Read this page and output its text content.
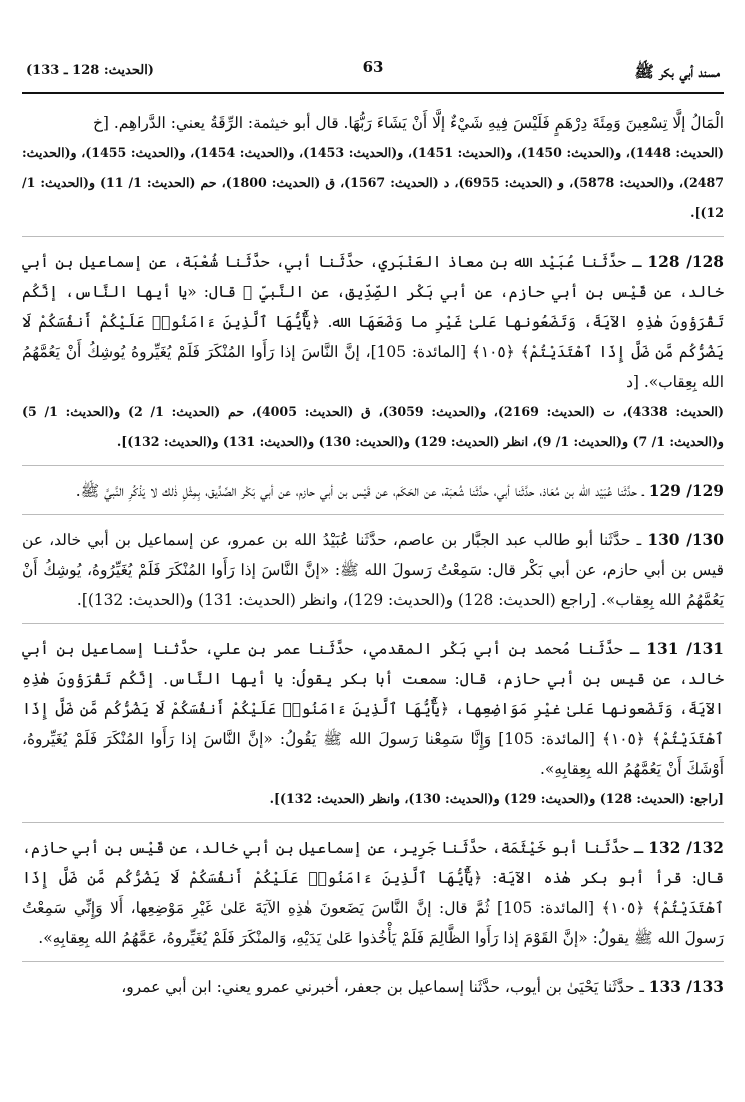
مسند أبي بكر ﷺ
63
(الحديث: 128 ـ 133)

الْمَالُ إلَّا تِسْعِينَ وَمِئَةَ دِرْهَمٍ فَلَيْسَ فِيهِ شَيْءٌ إلَّا أَنْ يَشَاءَ رَبُّهَا. قال أبو خيثمة: الرِّقَةُ يعني: الدَّراهِم. [خ

(الحديث: 1448)، و(الحديث: 1450)، و(الحديث: 1451)، و(الحديث: 1453)، و(الحديث: 1454)، و(الحديث: 1455)، و(الحديث: 2487)، و(الحديث: 5878)، و (الحديث: 6955)، د (الحديث: 1567)، ق (الحديث: 1800)، حم (الحديث: 1/ 11) و(الحديث: 1/ 12)].

128/ 128 ـ حدَّثَنا عُبَيْد الله بن معاذ العَنْبَري، حدَّثَنا أبي، حدَّثَنا شُعْبَة، عن إسماعيل بن أبي خالد، عن قَيْس بن أبي حازم، عن أبي بَكْر الصِّدِّيق، عن النَّبيِّ ﷺ قال: «يا أيها النَّاس، إنَّكُم تَقْرَؤونَ هٰذِهِ الآيَةَ، وَتَضَعُونها عَلىٰ غَيْرِ ما وَضَعَهَا الله. ﴿يَٰٓأَيُّهَا ٱلَّذِينَ ءَامَنُوا۟ عَلَيْكُمْ أَنفُسَكُمْ لَا يَضُرُّكُم مَّن ضَلَّ إِذَا ٱهْتَدَيْتُمْ﴾ ﴿١٠٥﴾ [المائدة: 105]، إنَّ النَّاسَ إذا رَأَوا المُنْكَرَ فَلَمْ يُغَيِّروهُ يُوشِكُ أَنْ يَعُمَّهُمُ الله بِعِقاب». [د

(الحديث: 4338)، ت (الحديث: 2169)، و(الحديث: 3059)، ق (الحديث: 4005)، حم (الحديث: 1/ 2) و(الحديث: 1/ 5) و(الحديث: 1/ 7) و(الحديث: 1/ 9)، انظر (الحديث: 129) و(الحديث: 130) و(الحديث: 131) و(الحديث: 132)].

129/ 129 ـ حدَّثَنا عُبَيْد الله بن مُعَاذ، حدَّثَنا أبي، حدَّثَنا شُعبَة، عن الحَكَم، عن قَيْس بن أبي حازم، عن أبي بَكْر الصِّدِّيق، بِمِثْلِ ذٰلك لا يَذْكُرِ النَّبيَّ ﷺ.

130/ 130 ـ حدَّثَنا أبو طالب عبد الجبَّار بن عاصم، حدَّثَنا عُبَيْدُ الله بن عمرو، عن إسماعيل بن أبي خالد، عن قيس بن أبي حازم، عن أبي بَكْر قال: سَمِعْتُ رَسولَ الله ﷺ: «إنَّ النَّاسَ إذا رَأَوا المُنْكَرَ فَلَمْ يُغَيِّرُوهُ، يُوشِكُ أَنْ يَعُمَّهُمُ الله بِعِقاب». [راجع (الحديث: 128) و(الحديث: 129)، وانظر (الحديث: 131) و(الحديث: 132)].

131/ 131 ـ حدَّثَنا مُحمد بن أبي بَكْر المقدمي، حدَّثَنا عمر بن علي، حدَّثنا إسماعيل بن أبي خالد، عن قيس بن أبي حازم، قال: سمعت أبا بكر يقولُ: يا أيها النَّاس. إنَّكُم تَقْرَؤونَ هٰذِهِ الآيَةَ، وَتَضَعونها عَلىٰ غيْرِ مَوَاضِعِها، ﴿يَٰٓأَيُّهَا ٱلَّذِينَ ءَامَنُوا۟ عَلَيْكُمْ أَنفُسَكُمْ لَا يَضُرُّكُم مَّن ضَلَّ إِذَا ٱهْتَدَيْتُمْ﴾ ﴿١٠٥﴾ [المائدة: 105] وَإِنَّا سَمِعْنا رَسولَ الله ﷺ يَقُولُ: «إنَّ النَّاسَ إذا رَأَوا المُنْكَرَ فَلَمْ يُغَيِّروهُ، أَوْشَكَ أَنْ يَعُمَّهُمُ الله بِعِقابِهِ».

[راجع: (الحديث: 128) و(الحديث: 129) و(الحديث: 130)، وانظر (الحديث: 132)].

132/ 132 ـ حدَّثَنا أبو خَيْثَمَة، حدَّثَنا جَرِير، عن إسماعيل بن أبي خالد، عن قَيْس بن أبي حازم، قال: قرأ أبو بكر هٰذه الآيَة: ﴿يَٰٓأَيُّهَا ٱلَّذِينَ ءَامَنُوا۟ عَلَيْكُمْ أَنفُسَكُمْ لَا يَضُرُّكُم مَّن ضَلَّ إِذَا ٱهْتَدَيْتُمْ﴾ ﴿١٠٥﴾ [المائدة: 105] ثُمَّ قال: إنَّ النَّاسَ يَضَعونَ هٰذِهِ الآيَةَ عَلىٰ غَيْرِ مَوْضِعِها، أَلا وَإِنِّي سَمِعْتُ رَسولَ الله ﷺ يقولُ: «إنَّ القَوْمَ إذا رَأَوا الظَّالِمَ فَلَمْ يَأْخُذوا عَلىٰ يَدَيْهِ، وَالمنْكَرَ فَلَمْ يُغَيِّروهُ، عَمَّهُمُ الله بِعِقابِهِ».

133/ 133 ـ حدَّثَنا يَحْيَىٰ بن أيوب، حدَّثَنا إسماعيل بن جعفر، أخبرني عمرو يعني: ابن أبي عمرو،
